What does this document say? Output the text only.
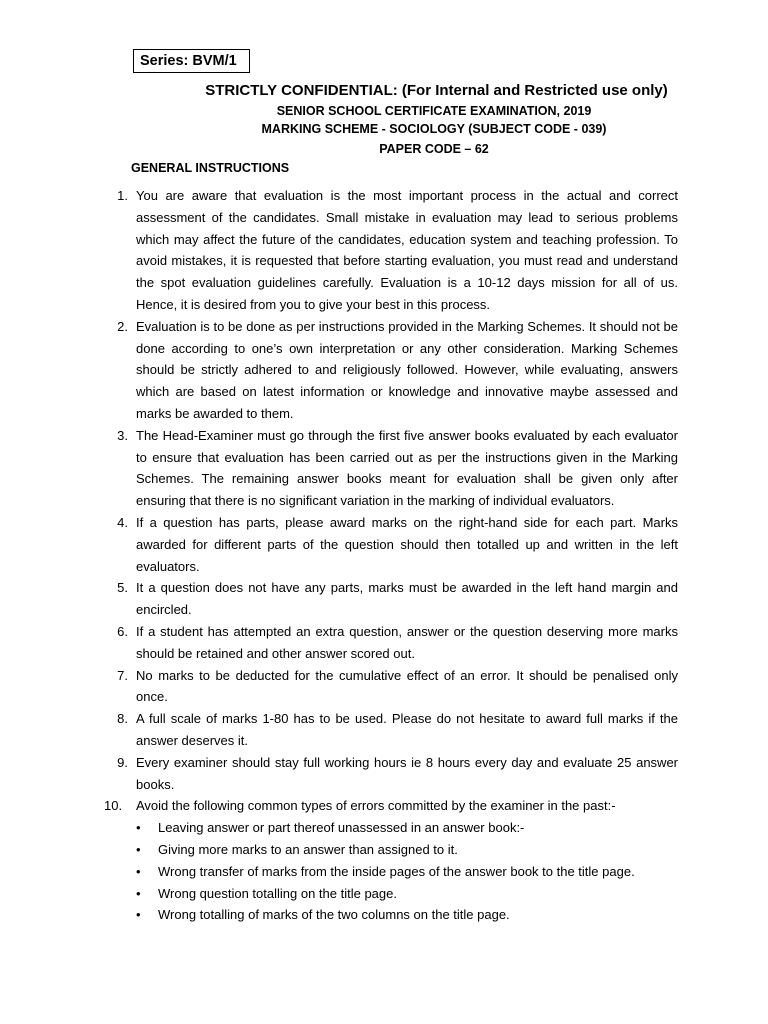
Series: BVM/1
STRICTLY CONFIDENTIAL: (For Internal and Restricted use only)
SENIOR SCHOOL CERTIFICATE EXAMINATION, 2019
MARKING SCHEME - SOCIOLOGY (SUBJECT CODE - 039)
PAPER CODE – 62
GENERAL INSTRUCTIONS
1. You are aware that evaluation is the most important process in the actual and correct assessment of the candidates. Small mistake in evaluation may lead to serious problems which may affect the future of the candidates, education system and teaching profession. To avoid mistakes, it is requested that before starting evaluation, you must read and understand the spot evaluation guidelines carefully. Evaluation is a 10-12 days mission for all of us. Hence, it is desired from you to give your best in this process.
2. Evaluation is to be done as per instructions provided in the Marking Schemes. It should not be done according to one’s own interpretation or any other consideration. Marking Schemes should be strictly adhered to and religiously followed. However, while evaluating, answers which are based on latest information or knowledge and innovative maybe assessed and marks be awarded to them.
3. The Head-Examiner must go through the first five answer books evaluated by each evaluator to ensure that evaluation has been carried out as per the instructions given in the Marking Schemes. The remaining answer books meant for evaluation shall be given only after ensuring that there is no significant variation in the marking of individual evaluators.
4. If a question has parts, please award marks on the right-hand side for each part. Marks awarded for different parts of the question should then totalled up and written in the left evaluators.
5. It a question does not have any parts, marks must be awarded in the left hand margin and encircled.
6. If a student has attempted an extra question, answer or the question deserving more marks should be retained and other answer scored out.
7. No marks to be deducted for the cumulative effect of an error. It should be penalised only once.
8. A full scale of marks 1-80 has to be used. Please do not hesitate to award full marks if the answer deserves it.
9. Every examiner should stay full working hours ie 8 hours every day and evaluate 25 answer books.
10.	Avoid the following common types of errors committed by the examiner in the past:-
• Leaving answer or part thereof unassessed in an answer book:-
• Giving more marks to an answer than assigned to it.
• Wrong transfer of marks from the inside pages of the answer book to the title page.
• Wrong question totalling on the title page.
• Wrong totalling of marks of the two columns on the title page.
